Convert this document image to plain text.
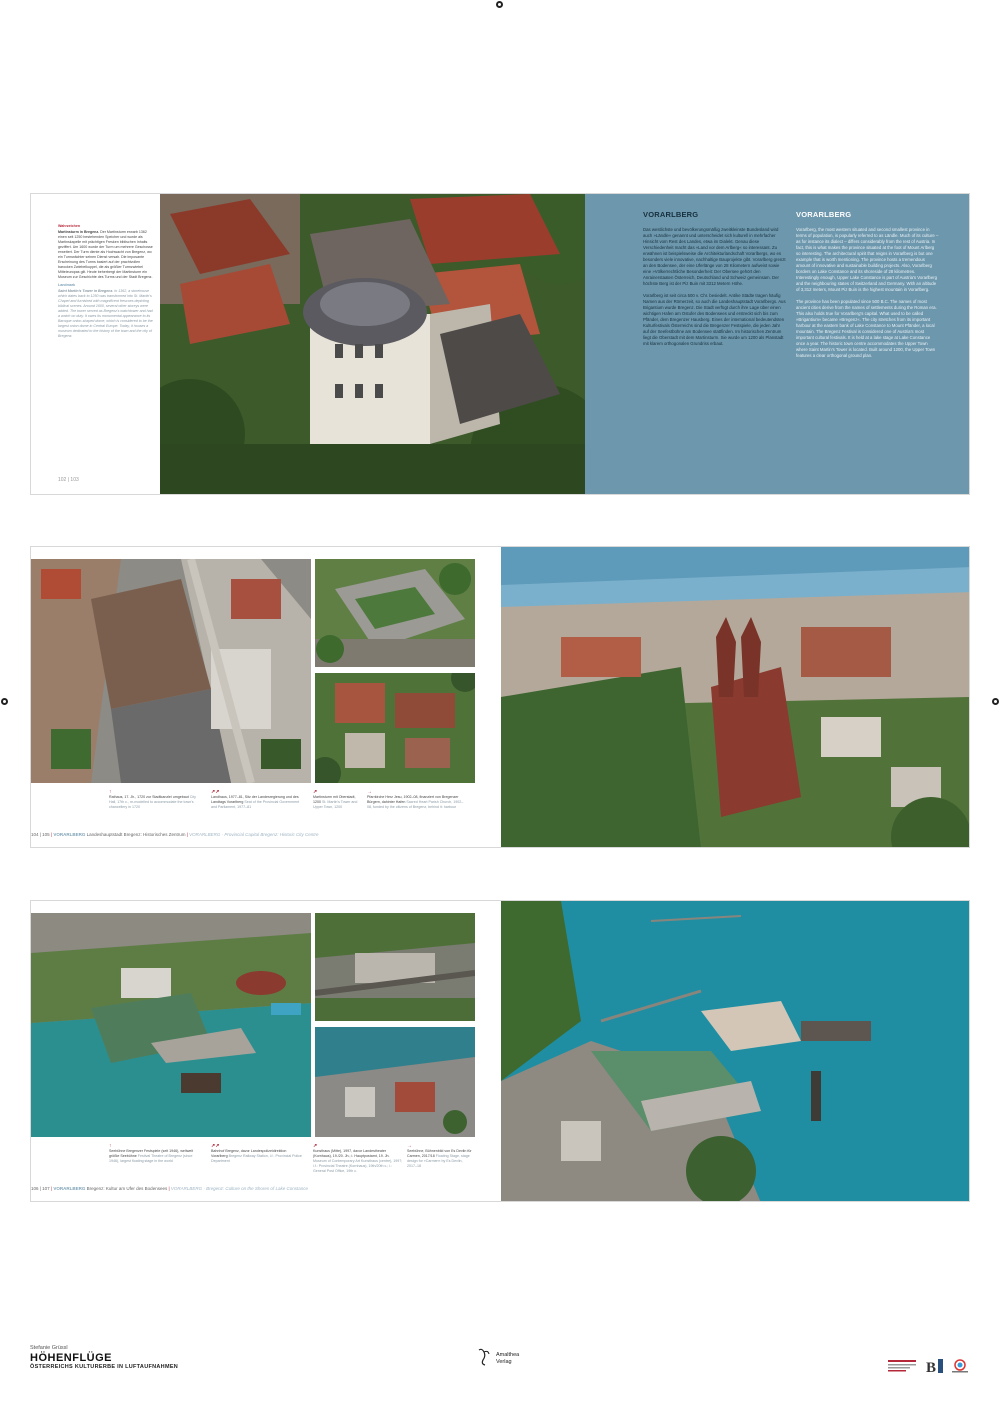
Wahrzeichen

Martinsturm in Bregenz. Der Martinsturm erwarb 1362 einen seit 1250 bestehenden Speicher und wurde als Martinskapelle mit prächtigen Fresken biblischen Inhalts geziffert. Um 1600 wurde der Turm um mehrere Geschosse erweitert. Der Turm diente als Hochwacht von Bregenz, wo ein Turmwächter seinen Dienst versah. Die imposante Erscheinung des Turms basiert auf der prachtvollen barocken Zwiebelkuppel, die als größter Turmzwiebel Mitteleuropas gilt. Heute beherbergt der Martinsturm ein Museum zur Geschichte des Turms und der Stadt Bregenz.

Landmark

Saint Martin's Tower in Bregenz. In 1362, a storehouse which dates back to 1250 was transformed into St. Martin's Chapel and furnished with magnificent frescoes depicting biblical scenes. Around 1600, several other storeys were added. The tower served as Bregenz's watchtower and had a watch on duty. It owes its monumental appearance to its Baroque onion-shaped dome, which is considered to be the largest onion dome in Central Europe. Today, it houses a museum dedicated to the history of the town and the city of Bregenz.

102 | 103
VORARLBERG

Das westlichste und bevölkerungsmäßig zweitkleinste Bundesland wird auch »Ländle« genannt und unterscheidet sich kulturell in mehrfacher Hinsicht vom Rest des Landes, etwa im Dialekt. Genau diese Verschiedenheit macht das »Land vor dem Arlberg« so interessant. Zu erwähnen ist beispielsweise die Architekturlandschaft Vorarlbergs, wo es besonders viele innovative, nachhaltige Bauprojekte gibt. Vorarlberg grenzt an den Bodensee, der eine Uferlänge von 28 Kilometern aufweist sowie eine »Völkerrechtliche Besonderheit: Der Obersee gehört den Anrainerstaaten Österreich, Deutschland und Schweiz gemeinsam. Der höchste Berg ist der Piz Buin mit 3312 Metern Höhe.

Vorarlberg ist seit circa 500 v. Chr. besiedelt. Antike Städte tragen häufig Namen aus der Römerzeit, so auch die Landeshauptstadt Vorarlbergs. Aus Brigantium wurde Bregenz. Die Stadt verfügt durch ihre Lage über einen wichtigen Hafen am Ostufer des Bodensees und erstreckt sich bis zum Pfänder, dem Bregenzer Hausberg. Eines der international bedeutendsten Kulturfestivals Österreichs sind die Bregenzer Festspiele, die jeden Jahr auf der Seefestbühne am Bodensee stattfinden. Im historischen Zentrum liegt die Oberstadt mit dem Martinsturm. Sie wurde um 1200 als Planstadt mit klarem orthogonalen Grundriss erbaut.

VORARLBERG

Vorarlberg, the most western situated and second smallest province in terms of population, is popularly referred to as Ländle. Much of its culture – as for instance its dialect – differs considerably from the rest of Austria. In fact, this is what makes the province situated at the foot of Mount Arlberg so interesting. The architectural spirit that reigns in Vorarlberg is but one example that is worth mentioning. The province hosts a tremendous amount of innovative and sustainable building projects. Also, Vorarlberg borders on Lake Constance and its shoreside of 28 kilometres. Interestingly enough, Upper Lake Constance is part of Austria's Vorarlberg and the neighbouring states of Switzerland and Germany. With an altitude of 3,312 meters, Mount Piz Buin is the highest mountain in Vorarlberg.

The province has been populated since 500 B.C. The names of most ancient cities derive from the names of settlements during the Roman era. This also holds true for Vorarlberg's capital. What used to be called »Brigantium« became »Bregenz«. The city stretches from its important harbour at the eastern bank of Lake Constance to Mount Pfänder, a local mountain. The Bregenz Festival is considered one of Austria's most important cultural festivals. It is held at a lake stage at Lake Constance once a year. The historic town centre accommodates the Upper Town where Saint Martin's Tower is located. Built around 1200, the Upper Town features a clear orthogonal ground plan.

↑
Rathaus, 17. Jh., 1720 zur Stadtkanzlei umgebaut City Hall, 17th c., re-modelled to accommodate the town's chancellery in 1720
↗↗
Landhaus, 1977–81, Sitz der Landesregierung und des Landtags Vorarlberg Seat of the Provincial Government and Parliament, 1977–81
↗
Martinsturm mit Oberstadt, 1200 St. Martin's Tower and Upper Town, 1200
→
Pfarrkirche Herz Jesu, 1902–08, finanziert von Bregenzer Bürgern, dahinter Hafen Sacred Heart Parish Church, 1902–08, funded by the citizens of Bregenz, behind it: harbour
104 | 105 | VORARLBERG Landeshauptstadt Bregenz: Historisches Zentrum | VORARLBERG · Provincial Capital Bregenz: Historic City Centre
↑
Seebühne Bregenzer Festspiele (seit 1946), weltweit größte Seebühne Festival Theatre of Bregenz (since 1946), largest floating stage in the world
↗↗
Bahnhof Bregenz, davor Landespolizeidirektion Vorarlberg Bregenz Railway Station, i.f.: Provincial Police Department
↗
Kunsthaus (Mitte), 1997, davor Landestheater (Kornhaus), 19./20. Jh.; i. Hauptpostamt, 19. Jh. Museum of Contemporary Art Kunsthaus (centre), 1997; i.f.: Provincial Theatre (Kornhaus), 19th/20th c.; i.: General Post Office, 19th c.
→
Seebühne, Bühnenbild von Es Devlin für Carmen, 2017/18 Floating Stage, stage design for »Carmen« by Es Devlin, 2017–18
106 | 107 | VORARLBERG Bregenz: Kultur am Ufer des Bodensees | VORARLBERG · Bregenz: Culture on the Shores of Lake Constance
Stefanie Grüssl
HÖHENFLÜGE
ÖSTERREICHS KULTURERBE IN LUFTAUFNAHMEN
Amalthea
Verlag	B
